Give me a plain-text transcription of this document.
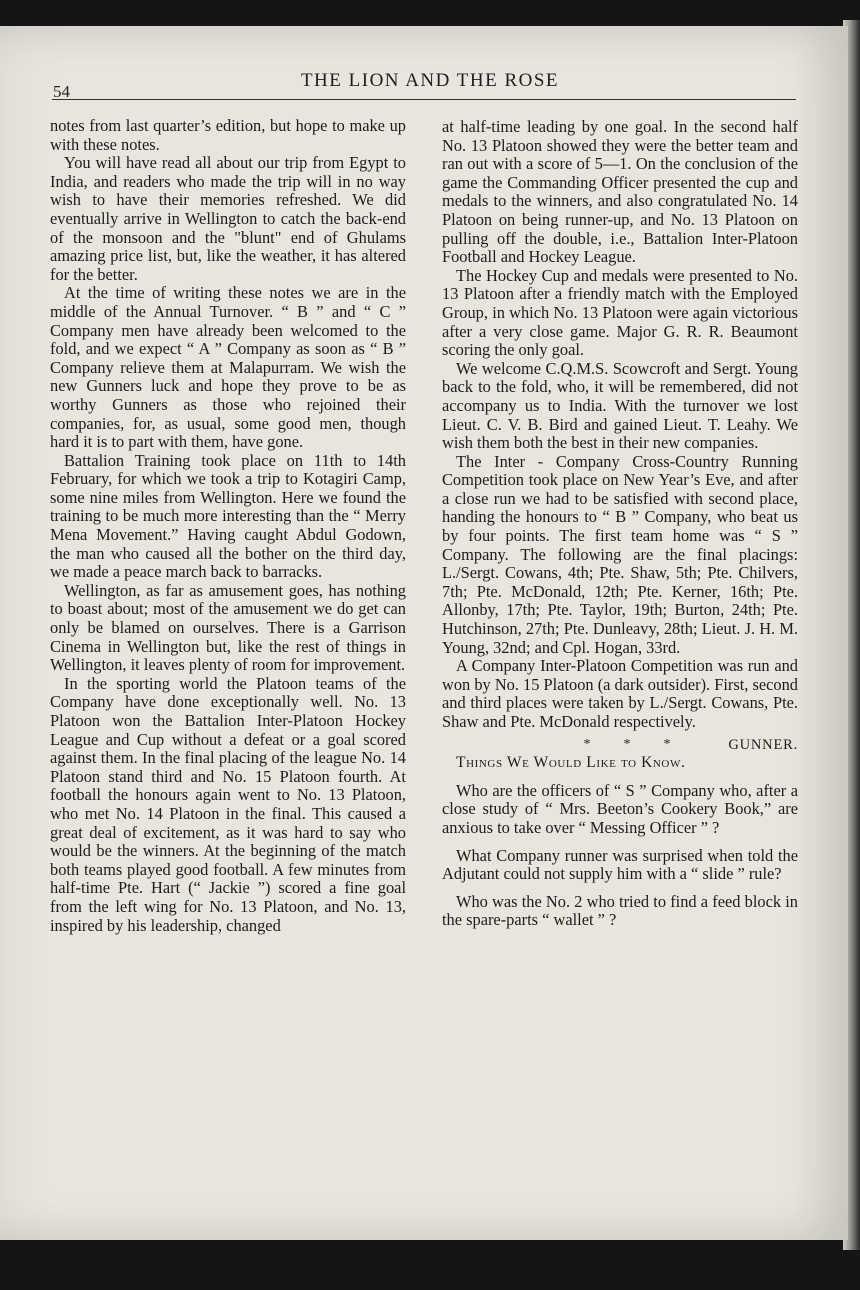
54
THE LION AND THE ROSE

notes from last quarter’s edition, but hope to make up with these notes.

You will have read all about our trip from Egypt to India, and readers who made the trip will in no way wish to have their memories refreshed. We did eventually arrive in Wellington to catch the back-end of the monsoon and the "blunt" end of Ghulams amazing price list, but, like the weather, it has altered for the better.

At the time of writing these notes we are in the middle of the Annual Turnover. “ B ” and “ C ” Company men have already been welcomed to the fold, and we expect “ A ” Company as soon as “ B ” Company relieve them at Malapurram. We wish the new Gunners luck and hope they prove to be as worthy Gunners as those who rejoined their companies, for, as usual, some good men, though hard it is to part with them, have gone.

Battalion Training took place on 11th to 14th February, for which we took a trip to Kotagiri Camp, some nine miles from Wellington. Here we found the training to be much more interesting than the “ Merry Mena Movement.” Having caught Abdul Godown, the man who caused all the bother on the third day, we made a peace march back to barracks.

Wellington, as far as amusement goes, has nothing to boast about; most of the amusement we do get can only be blamed on ourselves. There is a Garrison Cinema in Wellington but, like the rest of things in Wellington, it leaves plenty of room for improvement.

In the sporting world the Platoon teams of the Company have done exceptionally well. No. 13 Platoon won the Battalion Inter-Platoon Hockey League and Cup without a defeat or a goal scored against them. In the final placing of the league No. 14 Platoon stand third and No. 15 Platoon fourth. At football the honours again went to No. 13 Platoon, who met No. 14 Platoon in the final. This caused a great deal of excitement, as it was hard to say who would be the winners. At the beginning of the match both teams played good football. A few minutes from half-time Pte. Hart (“ Jackie ”) scored a fine goal from the left wing for No. 13 Platoon, and No. 13, inspired by his leadership, changed

at half-time leading by one goal. In the second half No. 13 Platoon showed they were the better team and ran out with a score of 5—1. On the conclusion of the game the Commanding Officer presented the cup and medals to the winners, and also congratulated No. 14 Platoon on being runner-up, and No. 13 Platoon on pulling off the double, i.e., Battalion Inter-Platoon Football and Hockey League.

The Hockey Cup and medals were presented to No. 13 Platoon after a friendly match with the Employed Group, in which No. 13 Platoon were again victorious after a very close game. Major G. R. R. Beaumont scoring the only goal.

We welcome C.Q.M.S. Scowcroft and Sergt. Young back to the fold, who, it will be remembered, did not accompany us to India. With the turnover we lost Lieut. C. V. B. Bird and gained Lieut. T. Leahy. We wish them both the best in their new companies.

The Inter - Company Cross-Country Running Competition took place on New Year’s Eve, and after a close run we had to be satisfied with second place, handing the honours to “ B ” Company, who beat us by four points. The first team home was “ S ” Company. The following are the final placings: L./Sergt. Cowans, 4th; Pte. Shaw, 5th; Pte. Chilvers, 7th; Pte. McDonald, 12th; Pte. Kerner, 16th; Pte. Allonby, 17th; Pte. Taylor, 19th; Burton, 24th; Pte. Hutchinson, 27th; Pte. Dunleavy, 28th; Lieut. J. H. M. Young, 32nd; and Cpl. Hogan, 33rd.

A Company Inter-Platoon Competition was run and won by No. 15 Platoon (a dark outsider). First, second and third places were taken by L./Sergt. Cowans, Pte. Shaw and Pte. McDonald respectively.

* * *	GUNNER.

Things We Would Like to Know.

Who are the officers of “ S ” Company who, after a close study of “ Mrs. Beeton’s Cookery Book,” are anxious to take over “ Messing Officer ” ?

What Company runner was surprised when told the Adjutant could not supply him with a “ slide ” rule?

Who was the No. 2 who tried to find a feed block in the spare-parts “ wallet ” ?
